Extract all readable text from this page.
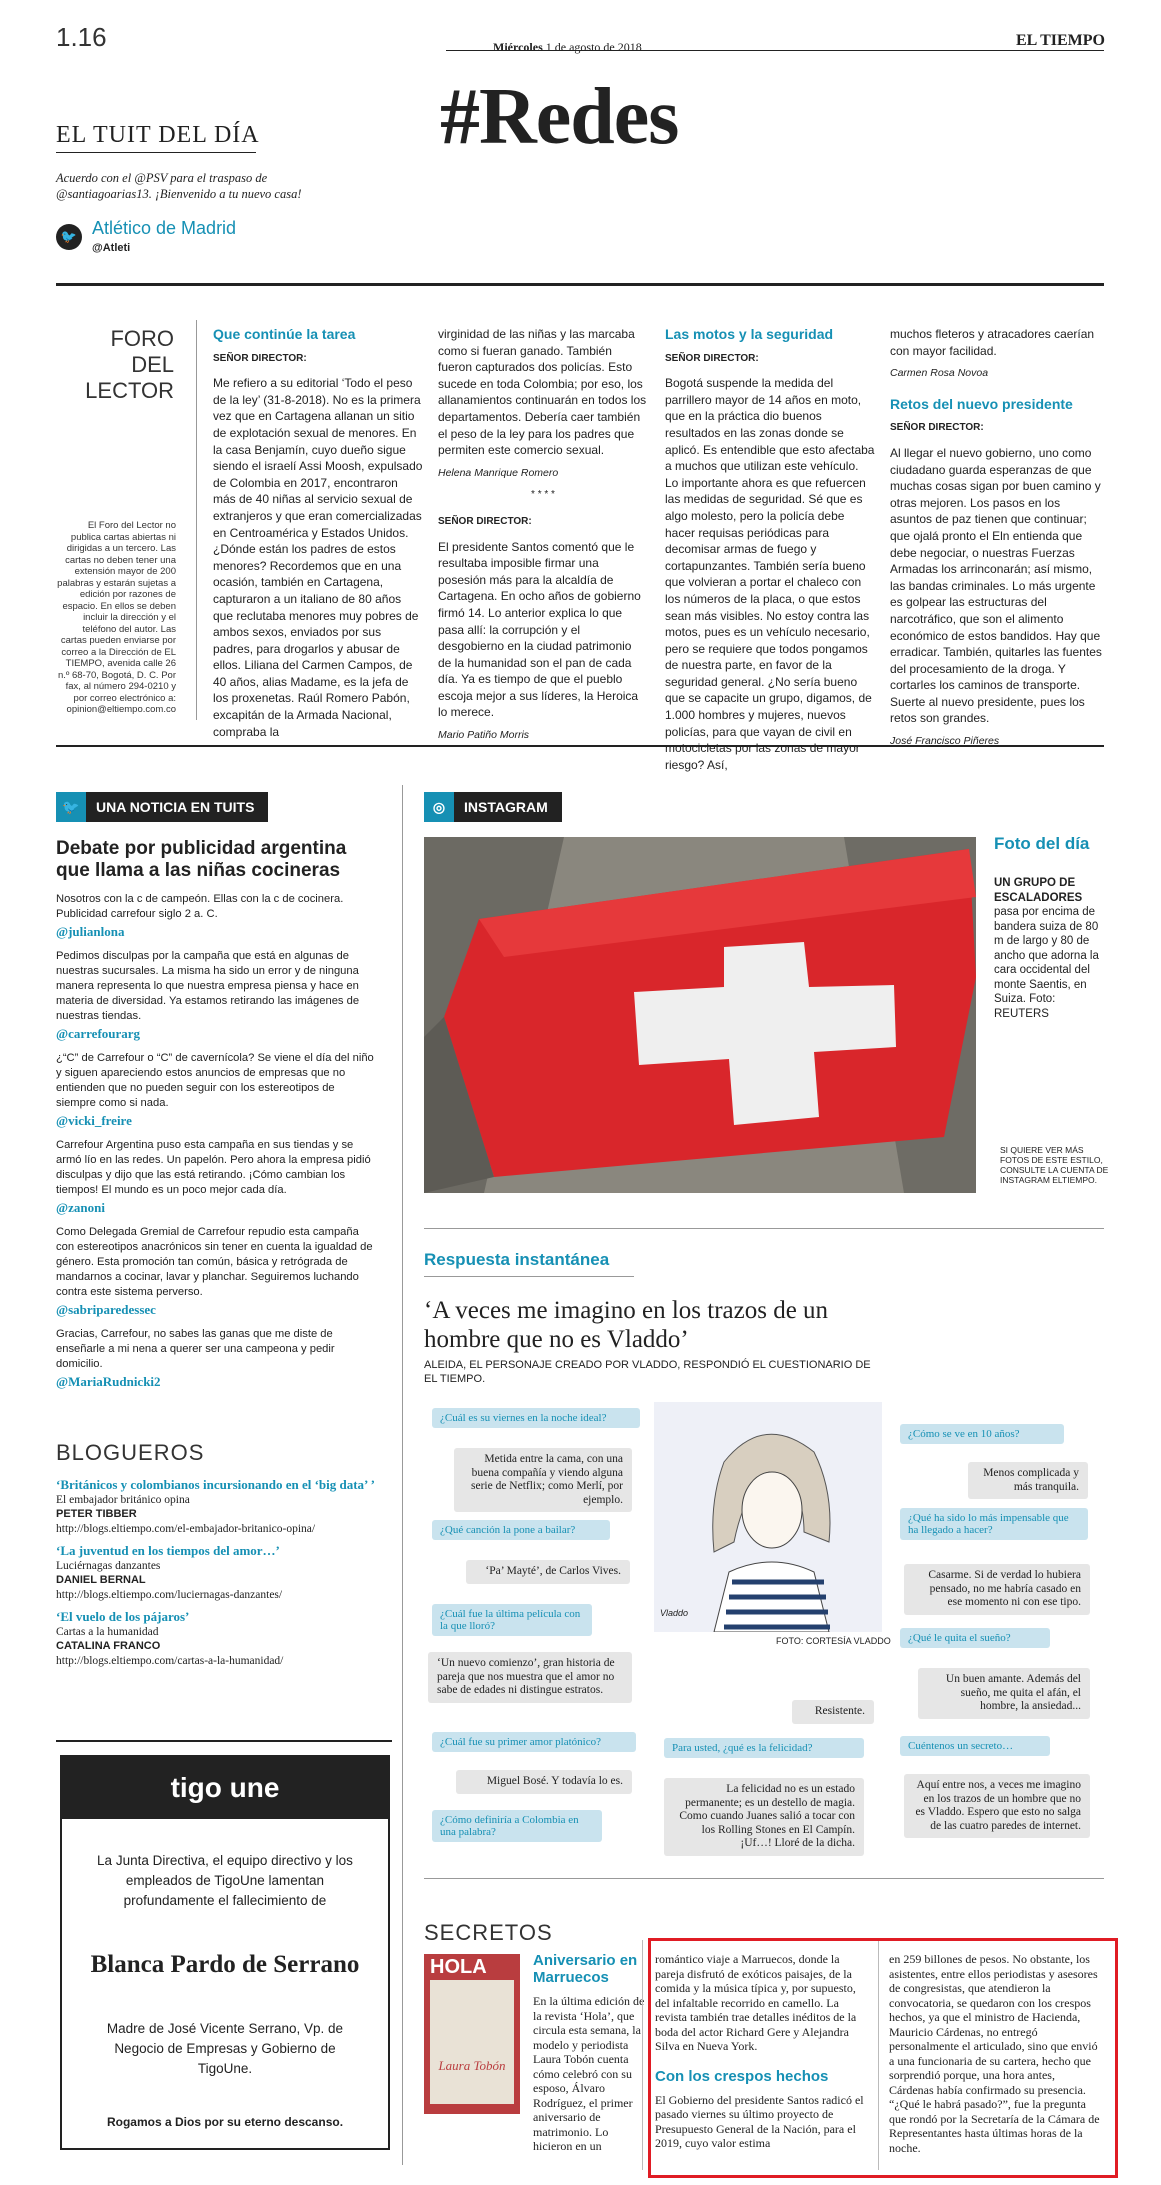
1.16	Miércoles 1 de agosto de 2018	EL TIEMPO
#Redes
EL TUIT DEL DÍA
Acuerdo con el @PSV para el traspaso de @santiagoarias13. ¡Bienvenido a tu nuevo casa!
🐦 Atlético de Madrid
@Atleti
FORO DEL LECTOR
El Foro del Lector no publica cartas abiertas ni dirigidas a un tercero. Las cartas no deben tener una extensión mayor de 200 palabras y estarán sujetas a edición por razones de espacio. En ellos se deben incluir la dirección y el teléfono del autor. Las cartas pueden enviarse por correo a la Dirección de EL TIEMPO, avenida calle 26 n.º 68-70, Bogotá, D. C. Por fax, al número 294-0210 y por correo electrónico a: opinion@eltiempo.com.co
Que continúe la tarea
SEÑOR DIRECTOR:

Me refiero a su editorial ‘Todo el peso de la ley’ (31-8-2018). No es la primera vez que en Cartagena allanan un sitio de explotación sexual de menores. En la casa Benjamín, cuyo dueño sigue siendo el israelí Assi Moosh, expulsado de Colombia en 2017, encontraron más de 40 niñas al servicio sexual de extranjeros y que eran comercializadas en Centroamérica y Estados Unidos. ¿Dónde están los padres de estos menores? Recordemos que en una ocasión, también en Cartagena, capturaron a un italiano de 80 años que reclutaba menores muy pobres de ambos sexos, enviados por sus padres, para drogarlos y abusar de ellos. Liliana del Carmen Campos, de 40 años, alias Madame, es la jefa de los proxenetas. Raúl Romero Pabón, excapitán de la Armada Nacional, compraba la

virginidad de las niñas y las marcaba como si fueran ganado. También fueron capturados dos policías. Esto sucede en toda Colombia; por eso, los allanamientos continuarán en todos los departamentos. Debería caer también el peso de la ley para los padres que permiten este comercio sexual.

Helena Manrique Romero

* * * *

SEÑOR DIRECTOR:

El presidente Santos comentó que le resultaba imposible firmar una posesión más para la alcaldía de Cartagena. En ocho años de gobierno firmó 14. Lo anterior explica lo que pasa allí: la corrupción y el desgobierno en la ciudad patrimonio de la humanidad son el pan de cada día. Ya es tiempo de que el pueblo escoja mejor a sus líderes, la Heroica lo merece.

Mario Patiño Morris

Las motos y la seguridad
SEÑOR DIRECTOR:

Bogotá suspende la medida del parrillero mayor de 14 años en moto, que en la práctica dio buenos resultados en las zonas donde se aplicó. Es entendible que esto afectaba a muchos que utilizan este vehículo. Lo importante ahora es que refuercen las medidas de seguridad. Sé que es algo molesto, pero la policía debe hacer requisas periódicas para decomisar armas de fuego y cortapunzantes. También sería bueno que volvieran a portar el chaleco con los números de la placa, o que estos sean más visibles. No estoy contra las motos, pues es un vehículo necesario, pero se requiere que todos pongamos de nuestra parte, en favor de la seguridad general. ¿No sería bueno que se capacite un grupo, digamos, de 1.000 hombres y mujeres, nuevos policías, para que vayan de civil en motocicletas por las zonas de mayor riesgo? Así,

muchos fleteros y atracadores caerían con mayor facilidad.

Carmen Rosa Novoa

Retos del nuevo presidente
SEÑOR DIRECTOR:

Al llegar el nuevo gobierno, uno como ciudadano guarda esperanzas de que muchas cosas sigan por buen camino y otras mejoren. Los pasos en los asuntos de paz tienen que continuar; que ojalá pronto el Eln entienda que debe negociar, o nuestras Fuerzas Armadas los arrinconarán; así mismo, las bandas criminales. Lo más urgente es golpear las estructuras del narcotráfico, que son el alimento económico de estos bandidos. Hay que erradicar. También, quitarles las fuentes del procesamiento de la droga. Y cortarles los caminos de transporte. Suerte al nuevo presidente, pues los retos son grandes.

José Francisco Piñeres

🐦	UNA NOTICIA EN TUITS
Debate por publicidad argentina que llama a las niñas cocineras

Nosotros con la c de campeón. Ellas con la c de cocinera. Publicidad carrefour siglo 2 a. C.

@julianlona

Pedimos disculpas por la campaña que está en algunas de nuestras sucursales. La misma ha sido un error y de ninguna manera representa lo que nuestra empresa piensa y hace en materia de diversidad. Ya estamos retirando las imágenes de nuestras tiendas.

@carrefourarg

¿“C” de Carrefour o “C” de cavernícola? Se viene el día del niño y siguen apareciendo estos anuncios de empresas que no entienden que no pueden seguir con los estereotipos de siempre como si nada.

@vicki_freire

Carrefour Argentina puso esta campaña en sus tiendas y se armó lío en las redes. Un papelón. Pero ahora la empresa pidió disculpas y dijo que las está retirando. ¡Cómo cambian los tiempos! El mundo es un poco mejor cada día.

@zanoni

Como Delegada Gremial de Carrefour repudio esta campaña con estereotipos anacrónicos sin tener en cuenta la igualdad de género. Esta promoción tan común, básica y retrógrada de mandarnos a cocinar, lavar y planchar. Seguiremos luchando contra este sistema perverso.

@sabriparedessec

Gracias, Carrefour, no sabes las ganas que me diste de enseñarle a mi nena a querer ser una campeona y pedir domicilio.

@MariaRudnicki2
BLOGUEROS
‘Británicos y colombianos incursionando en el ‘big data’ ’
El embajador británico opina
PETER TIBBER
http://blogs.eltiempo.com/el-embajador-britanico-opina/
‘La juventud en los tiempos del amor…’
Luciérnagas danzantes
DANIEL BERNAL
http://blogs.eltiempo.com/luciernagas-danzantes/
‘El vuelo de los pájaros’
Cartas a la humanidad
CATALINA FRANCO
http://blogs.eltiempo.com/cartas-a-la-humanidad/
tigo une

La Junta Directiva, el equipo directivo y los empleados de TigoUne lamentan profundamente el fallecimiento de

Blanca Pardo de Serrano

Madre de José Vicente Serrano, Vp. de Negocio de Empresas y Gobierno de TigoUne.

Rogamos a Dios por su eterno descanso.

◎	INSTAGRAM
Foto del día
UN GRUPO DE ESCALADORES pasa por encima de bandera suiza de 80 m de largo y 80 de ancho que adorna la cara occidental del monte Saentis, en Suiza. Foto: REUTERS
SI QUIERE VER MÁS FOTOS DE ESTE ESTILO, CONSULTE LA CUENTA DE INSTAGRAM ELTIEMPO.
Respuesta instantánea
‘A veces me imagino en los trazos de un hombre que no es Vladdo’
ALEIDA, EL PERSONAJE CREADO POR VLADDO, RESPONDIÓ EL CUESTIONARIO DE EL TIEMPO.
Vladdo
FOTO: CORTESÍA VLADDO
¿Cuál es su viernes en la noche ideal?
Metida entre la cama, con una buena compañía y viendo alguna serie de Netflix; como Merlí, por ejemplo.
¿Qué canción la pone a bailar?
‘Pa’ Mayté’, de Carlos Vives.
¿Cuál fue la última película con la que lloró?
‘Un nuevo comienzo’, gran historia de pareja que nos muestra que el amor no sabe de edades ni distingue estratos.
¿Cuál fue su primer amor platónico?
Miguel Bosé. Y todavía lo es.
¿Cómo definiría a Colombia en una palabra?
Resistente.
Para usted, ¿qué es la felicidad?
La felicidad no es un estado permanente; es un destello de magia. Como cuando Juanes salió a tocar con los Rolling Stones en El Campín. ¡Uf…! Lloré de la dicha.
¿Cómo se ve en 10 años?
Menos complicada y más tranquila.
¿Qué ha sido lo más impensable que ha llegado a hacer?
Casarme. Si de verdad lo hubiera pensado, no me habría casado en ese momento ni con ese tipo.
¿Qué le quita el sueño?
Un buen amante. Además del sueño, me quita el afán, el hombre, la ansiedad...
Cuéntenos un secreto…
Aquí entre nos, a veces me imagino en los trazos de un hombre que no es Vladdo. Espero que esto no salga de las cuatro paredes de internet.
SECRETOS
Laura Tobón
HOLA	Aniversario en Marruecos

En la última edición de la revista ‘Hola’, que circula esta semana, la modelo y periodista Laura Tobón cuenta cómo celebró con su esposo, Álvaro Rodríguez, el primer aniversario de matrimonio. Lo hicieron en un

romántico viaje a Marruecos, donde la pareja disfrutó de exóticos paisajes, de la comida y la música típica y, por supuesto, del infaltable recorrido en camello. La revista también trae detalles inéditos de la boda del actor Richard Gere y Alejandra Silva en Nueva York.

Con los crespos hechos

El Gobierno del presidente Santos radicó el pasado viernes su último proyecto de Presupuesto General de la Nación, para el 2019, cuyo valor estima

en 259 billones de pesos. No obstante, los asistentes, entre ellos periodistas y asesores de congresistas, que atendieron la convocatoria, se quedaron con los crespos hechos, ya que el ministro de Hacienda, Mauricio Cárdenas, no entregó personalmente el articulado, sino que envió a una funcionaria de su cartera, hecho que sorprendió porque, una hora antes, Cárdenas había confirmado su presencia. “¿Qué le habrá pasado?”, fue la pregunta que rondó por la Secretaría de la Cámara de Representantes hasta últimas horas de la noche.
